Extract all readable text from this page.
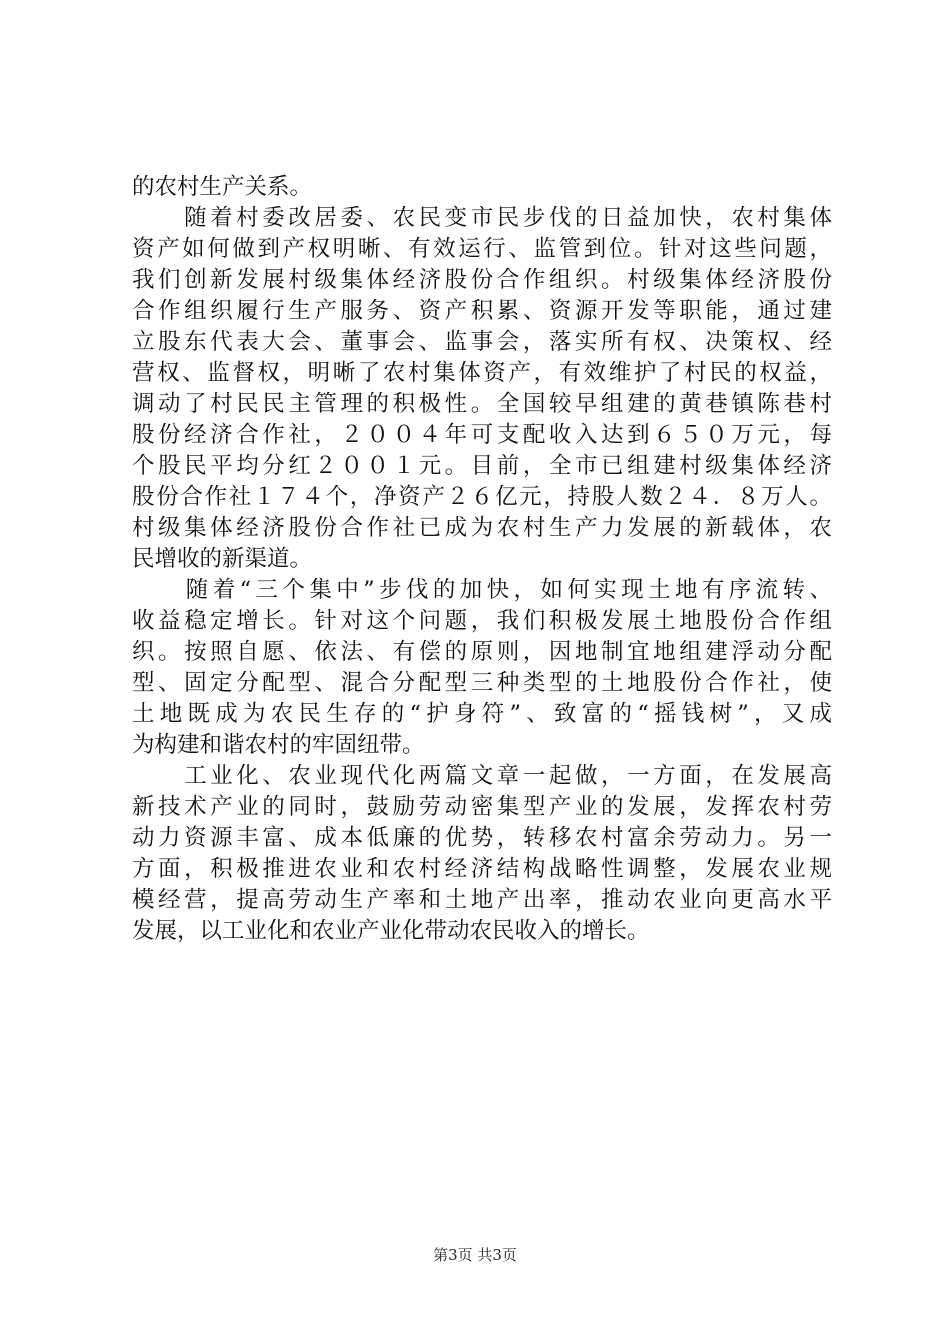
的农村生产关系。
　　随着村委改居委、农民变市民步伐的日益加快，农村集体
资产如何做到产权明晰、有效运行、监管到位。针对这些问题，
我们创新发展村级集体经济股份合作组织。村级集体经济股份
合作组织履行生产服务、资产积累、资源开发等职能，通过建
立股东代表大会、董事会、监事会，落实所有权、决策权、经
营权、监督权，明晰了农村集体资产，有效维护了村民的权益，
调动了村民民主管理的积极性。全国较早组建的黄巷镇陈巷村
股份经济合作社，２００４年可支配收入达到６５０万元，每
个股民平均分红２００１元。目前，全市已组建村级集体经济
股份合作社１７４个，净资产２６亿元，持股人数２４．８万人。
村级集体经济股份合作社已成为农村生产力发展的新载体，农
民增收的新渠道。
　　随着“三个集中”步伐的加快，如何实现土地有序流转、
收益稳定增长。针对这个问题，我们积极发展土地股份合作组
织。按照自愿、依法、有偿的原则，因地制宜地组建浮动分配
型、固定分配型、混合分配型三种类型的土地股份合作社，使
土地既成为农民生存的“护身符”、致富的“摇钱树”，又成
为构建和谐农村的牢固纽带。
　　工业化、农业现代化两篇文章一起做，一方面，在发展高
新技术产业的同时，鼓励劳动密集型产业的发展，发挥农村劳
动力资源丰富、成本低廉的优势，转移农村富余劳动力。另一
方面，积极推进农业和农村经济结构战略性调整，发展农业规
模经营，提高劳动生产率和土地产出率，推动农业向更高水平
发展，以工业化和农业产业化带动农民收入的增长。
第3页 共3页
